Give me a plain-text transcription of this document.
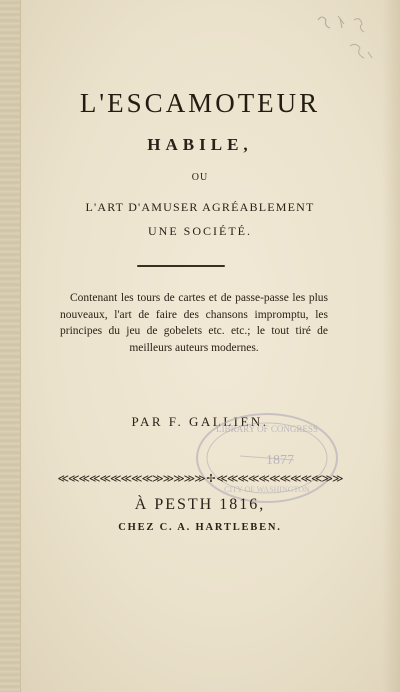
L'ESCAMOTEUR
HABILE,
OU
L'ART D'AMUSER AGRÉABLEMENT
UNE SOCIÉTÉ.
Contenant les tours de cartes et de passe-passe les plus nouveaux, l'art de faire des chansons impromptu, les principes du jeu de gobelets etc. etc.; le tout tiré de meilleurs auteurs modernes.
PAR F. GALLIEN.
LIBRARY OF CONGRESS
1877
CITY OF WASHINGTON
≪≪≪≪≪≪≪≪≪≫≫≫≫≫ ✢ ≪≪≪≪≪≪≪≪≪≪≫≫
À PESTH 1816,
CHEZ C. A. HARTLEBEN.
